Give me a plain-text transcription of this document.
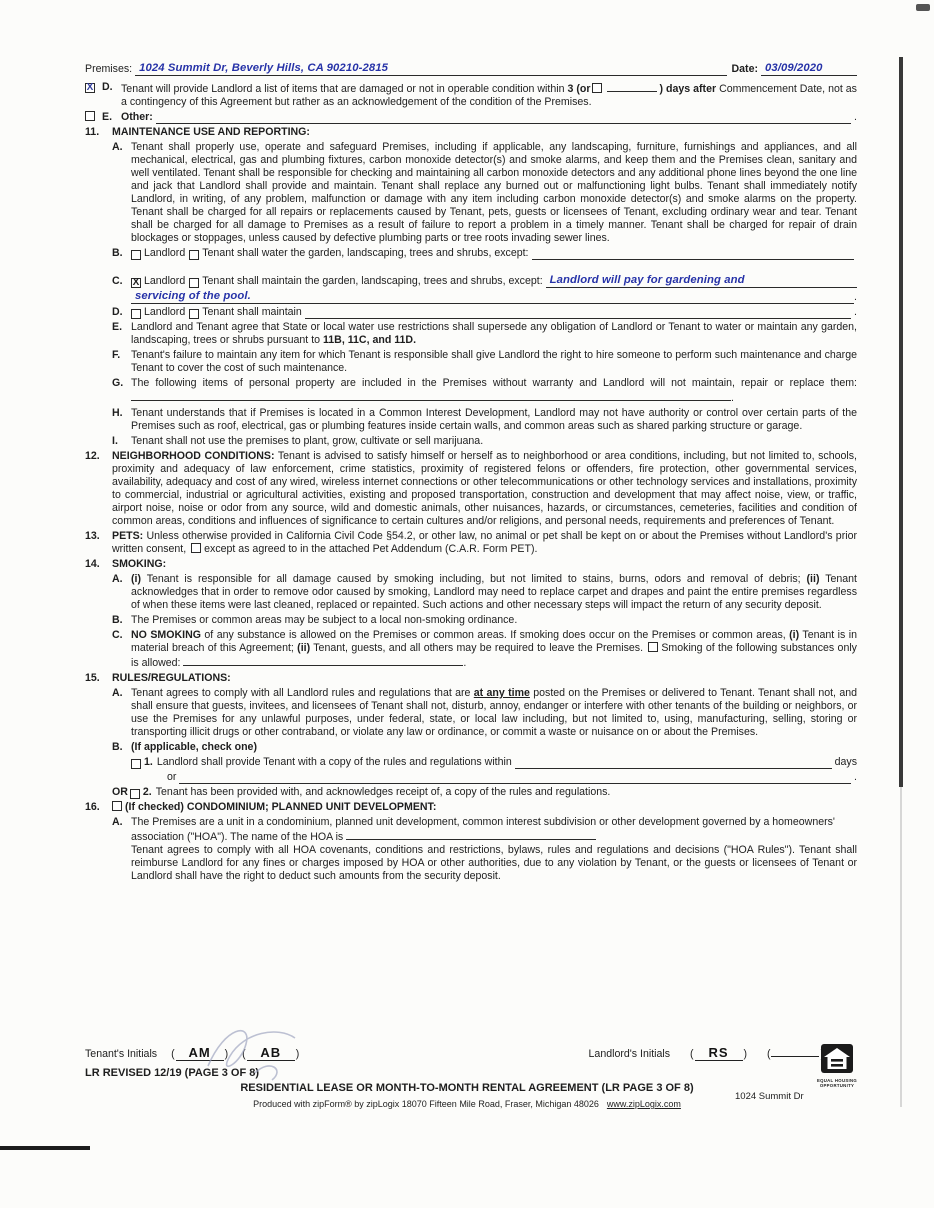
Premises: 1024 Summit Dr, Beverly Hills, CA 90210-2815	Date: 03/09/2020
X D. Tenant will provide Landlord a list of items that are damaged or not in operable condition within 3 (or	) days after Commencement Date, not as a contingency of this Agreement but rather as an acknowledgement of the condition of the Premises.
E. Other:	.
11.	MAINTENANCE USE AND REPORTING:
A. Tenant shall properly use, operate and safeguard Premises, including if applicable, any landscaping, furniture, furnishings and appliances, and all mechanical, electrical, gas and plumbing fixtures, carbon monoxide detector(s) and smoke alarms, and keep them and the Premises clean, sanitary and well ventilated. Tenant shall be responsible for checking and maintaining all carbon monoxide detectors and any additional phone lines beyond the one line and jack that Landlord shall provide and maintain. Tenant shall replace any burned out or malfunctioning light bulbs. Tenant shall immediately notify Landlord, in writing, of any problem, malfunction or damage with any item including carbon monoxide detector(s) and smoke alarms on the property. Tenant shall be charged for all repairs or replacements caused by Tenant, pets, guests or licensees of Tenant, excluding ordinary wear and tear. Tenant shall be charged for all damage to Premises as a result of failure to report a problem in a timely manner. Tenant shall be charged for repair of drain blockages or stoppages, unless caused by defective plumbing parts or tree roots invading sewer lines.
B.	Landlord Tenant shall water the garden, landscaping, trees and shrubs, except:
C.	X Landlord Tenant shall maintain the garden, landscaping, trees and shrubs, except: Landlord will pay for gardening and
servicing of the pool.	.
D.	Landlord Tenant shall maintain	.
E. Landlord and Tenant agree that State or local water use restrictions shall supersede any obligation of Landlord or Tenant to water or maintain any garden, landscaping, trees or shrubs pursuant to 11B, 11C, and 11D.
F.	Tenant's failure to maintain any item for which Tenant is responsible shall give Landlord the right to hire someone to perform such maintenance and charge Tenant to cover the cost of such maintenance.
G. The following items of personal property are included in the Premises without warranty and Landlord will not maintain, repair or replace them: .
H. Tenant understands that if Premises is located in a Common Interest Development, Landlord may not have authority or control over certain parts of the Premises such as roof, electrical, gas or plumbing features inside certain walls, and common areas such as shared parking structure or garage.
I.	Tenant shall not use the premises to plant, grow, cultivate or sell marijuana.
12.	NEIGHBORHOOD CONDITIONS: Tenant is advised to satisfy himself or herself as to neighborhood or area conditions, including, but not limited to, schools, proximity and adequacy of law enforcement, crime statistics, proximity of registered felons or offenders, fire protection, other governmental services, availability, adequacy and cost of any wired, wireless internet connections or other telecommunications or other technology services and installations, proximity to commercial, industrial or agricultural activities, existing and proposed transportation, construction and development that may affect noise, view, or traffic, airport noise, noise or odor from any source, wild and domestic animals, other nuisances, hazards, or circumstances, cemeteries, facilities and condition of common areas, conditions and influences of significance to certain cultures and/or religions, and personal needs, requirements and preferences of Tenant.
13.	PETS: Unless otherwise provided in California Civil Code §54.2, or other law, no animal or pet shall be kept on or about the Premises without Landlord's prior written consent, except as agreed to in the attached Pet Addendum (C.A.R. Form PET).
14.	SMOKING:
A. (i) Tenant is responsible for all damage caused by smoking including, but not limited to stains, burns, odors and removal of debris; (ii) Tenant acknowledges that in order to remove odor caused by smoking, Landlord may need to replace carpet and drapes and paint the entire premises regardless of when these items were last cleaned, replaced or repainted. Such actions and other necessary steps will impact the return of any security deposit.
B. The Premises or common areas may be subject to a local non-smoking ordinance.
C. NO SMOKING of any substance is allowed on the Premises or common areas. If smoking does occur on the Premises or common areas, (i) Tenant is in material breach of this Agreement; (ii) Tenant, guests, and all others may be required to leave the Premises. Smoking of the following substances only is allowed:	.
15.	RULES/REGULATIONS:
A. Tenant agrees to comply with all Landlord rules and regulations that are at any time posted on the Premises or delivered to Tenant. Tenant shall not, and shall ensure that guests, invitees, and licensees of Tenant shall not, disturb, annoy, endanger or interfere with other tenants of the building or neighbors, or use the Premises for any unlawful purposes, under federal, state, or local law including, but not limited to, using, manufacturing, selling, storing or transporting illicit drugs or other contraband, or violate any law or ordinance, or commit a waste or nuisance on or about the Premises.
B. (If applicable, check one)
1. Landlord shall provide Tenant with a copy of the rules and regulations within	days
or	.
OR 2. Tenant has been provided with, and acknowledges receipt of, a copy of the rules and regulations.
16.	(If checked) CONDOMINIUM; PLANNED UNIT DEVELOPMENT:
A. The Premises are a unit in a condominium, planned unit development, common interest subdivision or other development governed by a homeowners' association ("HOA"). The name of the HOA is
Tenant agrees to comply with all HOA covenants, conditions and restrictions, bylaws, rules and regulations and decisions ("HOA Rules"). Tenant shall reimburse Landlord for any fines or charges imposed by HOA or other authorities, due to any violation by Tenant, or the guests or licensees of Tenant or Landlord shall have the right to deduct such amounts from the security deposit.
Tenant's Initials (	AM	) (	AB	)	Landlord's Initials ( RS ) (
LR REVISED 12/19 (PAGE 3 OF 8)
RESIDENTIAL LEASE OR MONTH-TO-MONTH RENTAL AGREEMENT (LR PAGE 3 OF 8)
Produced with zipForm® by zipLogix 18070 Fifteen Mile Road, Fraser, Michigan 48026 www.zipLogix.com
1024 Summit Dr
EQUAL HOUSING OPPORTUNITY
